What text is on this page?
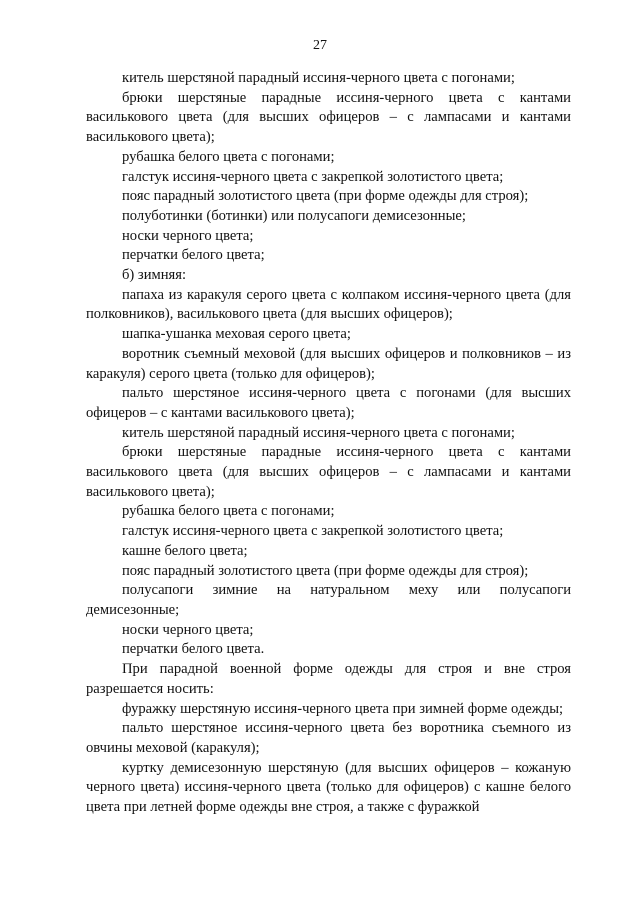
27

китель шерстяной парадный иссиня-черного цвета с погонами;

брюки шерстяные парадные иссиня-черного цвета с кантами василькового цвета (для высших офицеров – с лампасами и кантами василькового цвета);

рубашка белого цвета с погонами;

галстук иссиня-черного цвета с закрепкой золотистого цвета;

пояс парадный золотистого цвета (при форме одежды для строя);

полуботинки (ботинки) или полусапоги демисезонные;

носки черного цвета;

перчатки белого цвета;

б) зимняя:

папаха из каракуля серого цвета с колпаком иссиня-черного цвета (для полковников), василькового цвета (для высших офицеров);

шапка-ушанка меховая серого цвета;

воротник съемный меховой (для высших офицеров и полковников – из каракуля) серого цвета (только для офицеров);

пальто шерстяное иссиня-черного цвета с погонами (для высших офицеров – с кантами василькового цвета);

китель шерстяной парадный иссиня-черного цвета с погонами;

брюки шерстяные парадные иссиня-черного цвета с кантами василькового цвета (для высших офицеров – с лампасами и кантами василькового цвета);

рубашка белого цвета с погонами;

галстук иссиня-черного цвета с закрепкой золотистого цвета;

кашне белого цвета;

пояс парадный золотистого цвета (при форме одежды для строя);

полусапоги зимние на натуральном меху или полусапоги демисезонные;

носки черного цвета;

перчатки белого цвета.

При парадной военной форме одежды для строя и вне строя разрешается носить:

фуражку шерстяную иссиня-черного цвета при зимней форме одежды;

пальто шерстяное иссиня-черного цвета без воротника съемного из овчины меховой (каракуля);

куртку демисезонную шерстяную (для высших офицеров – кожаную черного цвета) иссиня-черного цвета (только для офицеров) с кашне белого цвета при летней форме одежды вне строя, а также с фуражкой
